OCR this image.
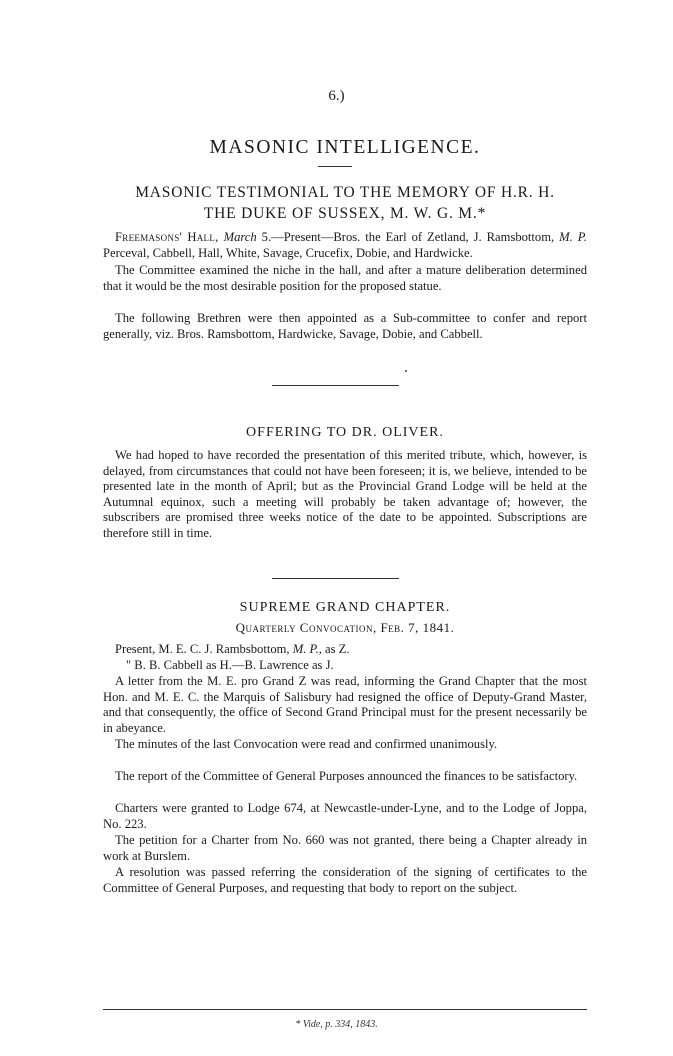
6.)
MASONIC INTELLIGENCE.
MASONIC TESTIMONIAL TO THE MEMORY OF H.R. H.
THE DUKE OF SUSSEX, M. W. G. M.*

Freemasons' Hall, March 5.—Present—Bros. the Earl of Zetland, J. Ramsbottom, M. P. Perceval, Cabbell, Hall, White, Savage, Crucefix, Dobie, and Hardwicke.

The Committee examined the niche in the hall, and after a mature deliberation determined that it would be the most desirable position for the proposed statue.

The following Brethren were then appointed as a Sub-committee to confer and report generally, viz. Bros. Ramsbottom, Hardwicke, Savage, Dobie, and Cabbell.

OFFERING TO DR. OLIVER.

We had hoped to have recorded the presentation of this merited tribute, which, however, is delayed, from circumstances that could not have been foreseen; it is, we believe, intended to be presented late in the month of April; but as the Provincial Grand Lodge will be held at the Autumnal equinox, such a meeting will probably be taken advantage of; however, the subscribers are promised three weeks notice of the date to be appointed. Subscriptions are therefore still in time.

SUPREME GRAND CHAPTER.
Quarterly Convocation, Feb. 7, 1841.
Present, M. E. C. J. Rambsbottom, M. P., as Z.
" B. B. Cabbell as H.—B. Lawrence as J.

A letter from the M. E. pro Grand Z was read, informing the Grand Chapter that the most Hon. and M. E. C. the Marquis of Salisbury had resigned the office of Deputy-Grand Master, and that consequently, the office of Second Grand Principal must for the present necessarily be in abeyance.

The minutes of the last Convocation were read and confirmed unanimously.

The report of the Committee of General Purposes announced the finances to be satisfactory.

Charters were granted to Lodge 674, at Newcastle-under-Lyne, and to the Lodge of Joppa, No. 223.

The petition for a Charter from No. 660 was not granted, there being a Chapter already in work at Burslem.

A resolution was passed referring the consideration of the signing of certificates to the Committee of General Purposes, and requesting that body to report on the subject.

* Vide, p. 334, 1843.
